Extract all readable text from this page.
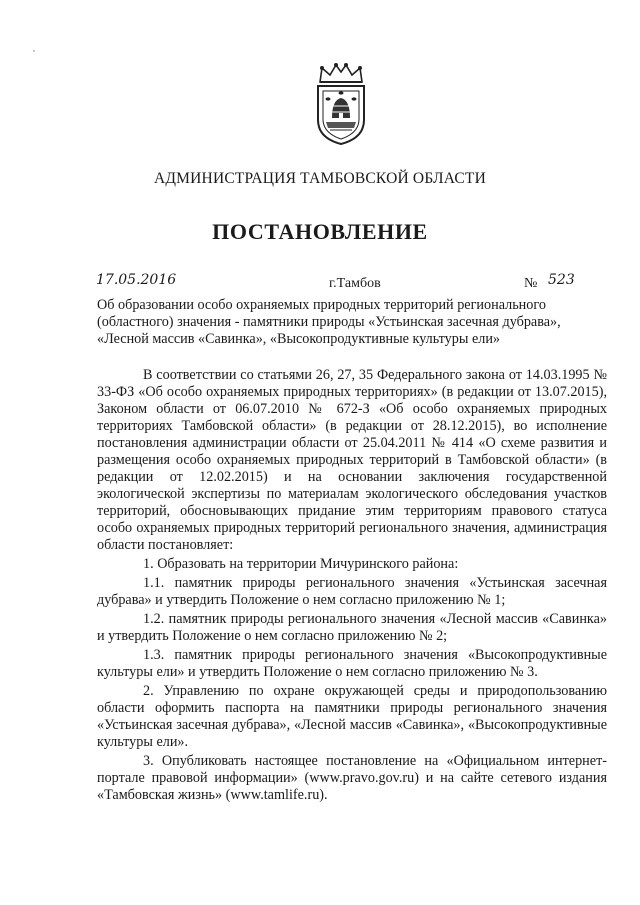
,
АДМИНИСТРАЦИЯ ТАМБОВСКОЙ ОБЛАСТИ
ПОСТАНОВЛЕНИЕ
17.05.2016	г.Тамбов	№ 523
Об образовании особо охраняемых природных территорий регионального (областного) значения - памятники природы «Устьинская засечная дубрава», «Лесной массив «Савинка», «Высокопродуктивные культуры ели»

В соответствии со статьями 26, 27, 35 Федерального закона от 14.03.1995 № 33-ФЗ «Об особо охраняемых природных территориях» (в редакции от 13.07.2015), Законом области от 06.07.2010 № 672-З «Об особо охраняемых природных территориях Тамбовской области» (в редакции от 28.12.2015), во исполнение постановления администрации области от 25.04.2011 № 414 «О схеме развития и размещения особо охраняемых природных территорий в Тамбовской области» (в редакции от 12.02.2015) и на основании заключения государственной экологической экспертизы по материалам экологического обследования участков территорий, обосновывающих придание этим территориям правового статуса особо охраняемых природных территорий регионального значения, администрация области постановляет:

1. Образовать на территории Мичуринского района:

1.1. памятник природы регионального значения «Устьинская засечная дубрава» и утвердить Положение о нем согласно приложению № 1;

1.2. памятник природы регионального значения «Лесной массив «Савинка» и утвердить Положение о нем согласно приложению № 2;

1.3. памятник природы регионального значения «Высокопродуктивные культуры ели» и утвердить Положение о нем согласно приложению № 3.

2. Управлению по охране окружающей среды и природопользованию области оформить паспорта на памятники природы регионального значения «Устьинская засечная дубрава», «Лесной массив «Савинка», «Высокопродуктивные культуры ели».

3. Опубликовать настоящее постановление на «Официальном интернет-портале правовой информации» (www.pravo.gov.ru) и на сайте сетевого издания «Тамбовская жизнь» (www.tamlife.ru).
